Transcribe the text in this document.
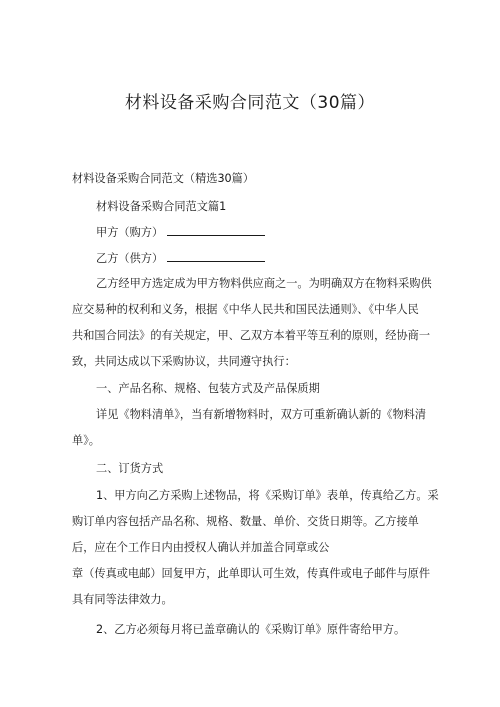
材料设备采购合同范文（30篇）

材料设备采购合同范文（精选30篇）

材料设备采购合同范文篇1

甲方（购方）

乙方（供方）

乙方经甲方选定成为甲方物料供应商之一。为明确双方在物料采购供

应交易种的权利和义务，根据《中华人民共和国民法通则》、《中华人民

共和国合同法》的有关规定，甲、乙双方本着平等互利的原则，经协商一

致，共同达成以下采购协议，共同遵守执行：

一、产品名称、规格、包装方式及产品保质期

详见《物料清单》，当有新增物料时，双方可重新确认新的《物料清

单》。

二、订货方式

1、甲方向乙方采购上述物品，将《采购订单》表单，传真给乙方。采

购订单内容包括产品名称、规格、数量、单价、交货日期等。乙方接单

后，应在个工作日内由授权人确认并加盖合同章或公

章（传真或电邮）回复甲方，此单即认可生效，传真件或电子邮件与原件

具有同等法律效力。

2、乙方必须每月将已盖章确认的《采购订单》原件寄给甲方。
